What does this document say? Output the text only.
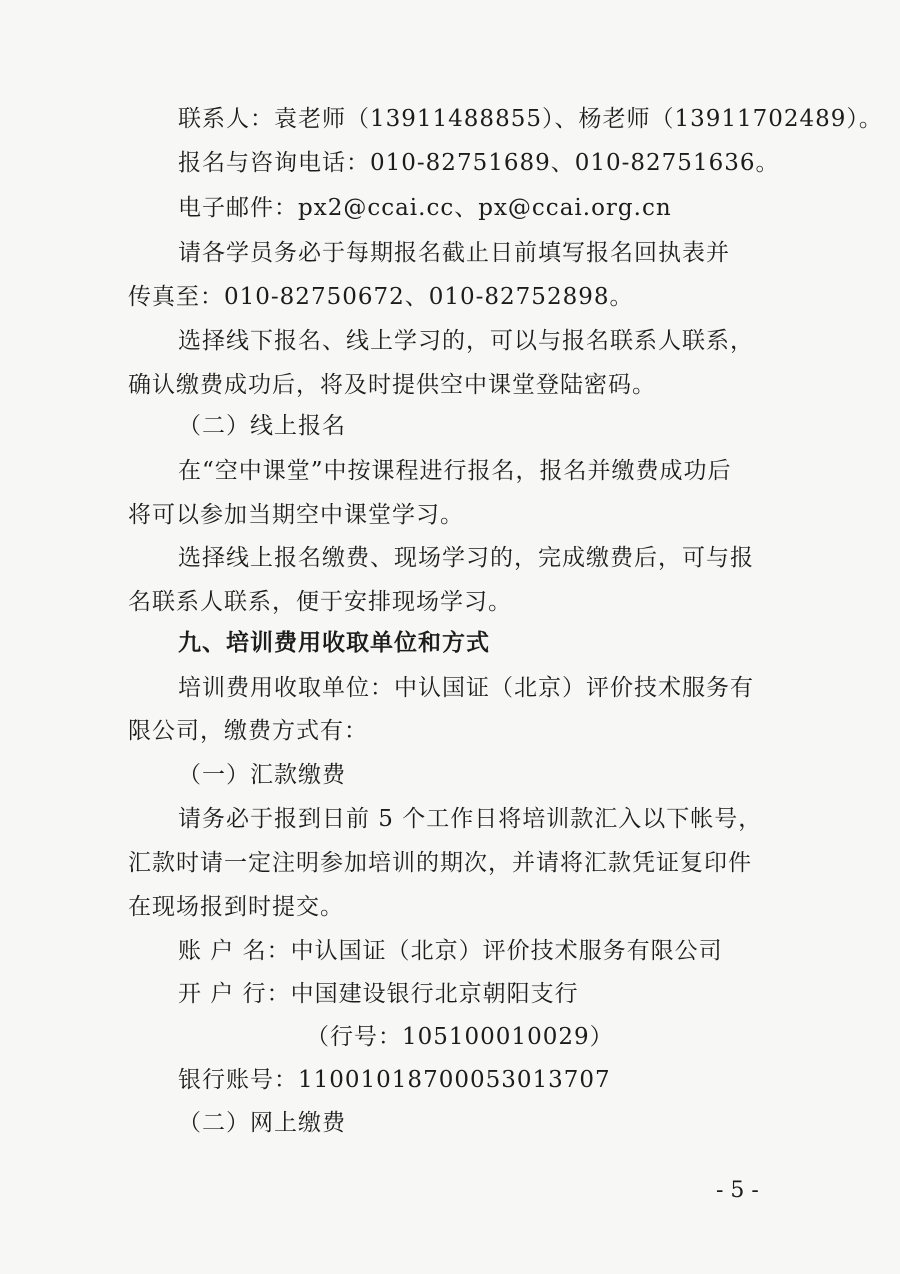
联系人：袁老师（13911488855）、杨老师（13911702489）。
报名与咨询电话：010-82751689、010-82751636。
电子邮件：px2@ccai.cc、px@ccai.org.cn
请各学员务必于每期报名截止日前填写报名回执表并
传真至：010-82750672、010-82752898。
选择线下报名、线上学习的，可以与报名联系人联系，
确认缴费成功后，将及时提供空中课堂登陆密码。
（二）线上报名
在“空中课堂”中按课程进行报名，报名并缴费成功后
将可以参加当期空中课堂学习。
选择线上报名缴费、现场学习的，完成缴费后，可与报
名联系人联系，便于安排现场学习。
九、培训费用收取单位和方式
培训费用收取单位：中认国证（北京）评价技术服务有
限公司，缴费方式有：
（一）汇款缴费
请务必于报到日前 5 个工作日将培训款汇入以下帐号，
汇款时请一定注明参加培训的期次，并请将汇款凭证复印件
在现场报到时提交。
账 户 名：中认国证（北京）评价技术服务有限公司
开 户 行：中国建设银行北京朝阳支行
（行号：105100010029）
银行账号：11001018700053013707
（二）网上缴费
- 5 -
